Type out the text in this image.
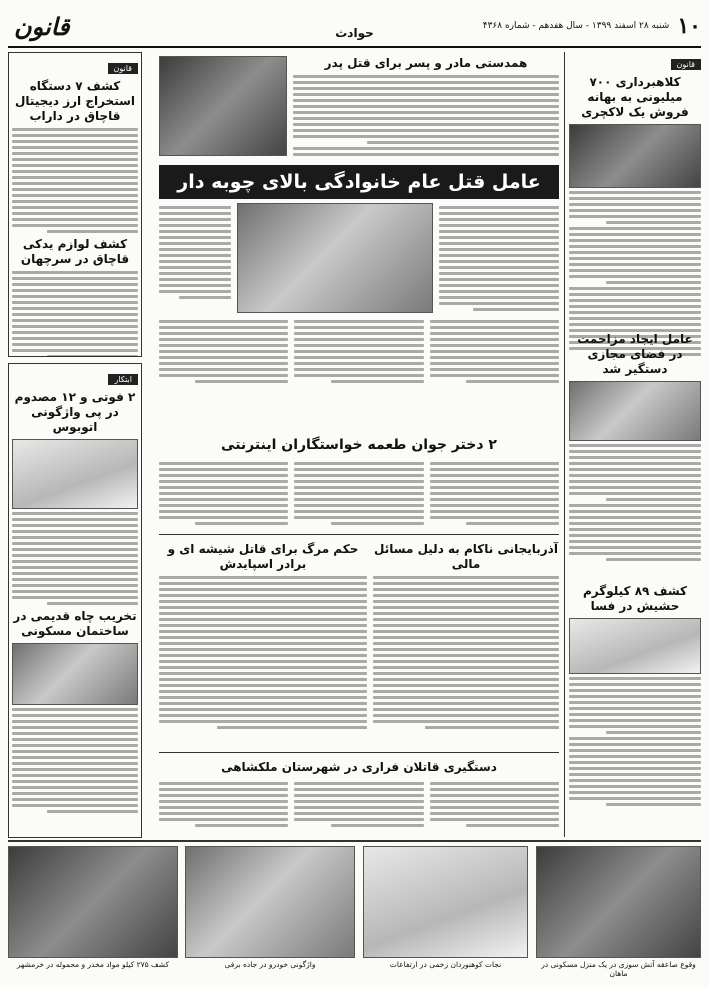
۱۰
شنبه ۲۸ اسفند ۱۳۹۹ - سال هفدهم - شماره ۴۳۶۸
حوادث
قانون
قانون
کلاهبرداری ۷۰۰ میلیونی به بهانه فروش یک لاکچری
عامل ایجاد مزاحمت در فضای مجازی دستگیر شد
کشف ۸۹ کیلوگرم حشیش در فسا
همدستی مادر و پسر برای قتل پدر
عامل قتل عام خانوادگی بالای چوبه دار
قانون
کشف ۷ دستگاه استخراج ارز دیجیتال قاچاق در داراب
کشف لوازم یدکی قاچاق در سرچهان
ابتکار
۲ فوتی و ۱۲ مصدوم در پی واژگونی اتوبوس
تخریب چاه قدیمی در ساختمان مسکونی
۲ دختر جوان طعمه خواستگاران اینترنتی
آذربایجانی ناکام به دلیل مسائل مالی
حکم مرگ برای قاتل شیشه ای و برادر اسپایدش
دستگیری قاتلان فراری در شهرستان ملکشاهی
وقوع صاعقه آتش سوزی در یک منزل مسکونی در ماهان
نجات کوهنوردان زخمی در ارتفاعات
واژگونی خودرو در جاده برفی
کشف ۲۷۵ کیلو مواد مخدر و محموله در خرمشهر
